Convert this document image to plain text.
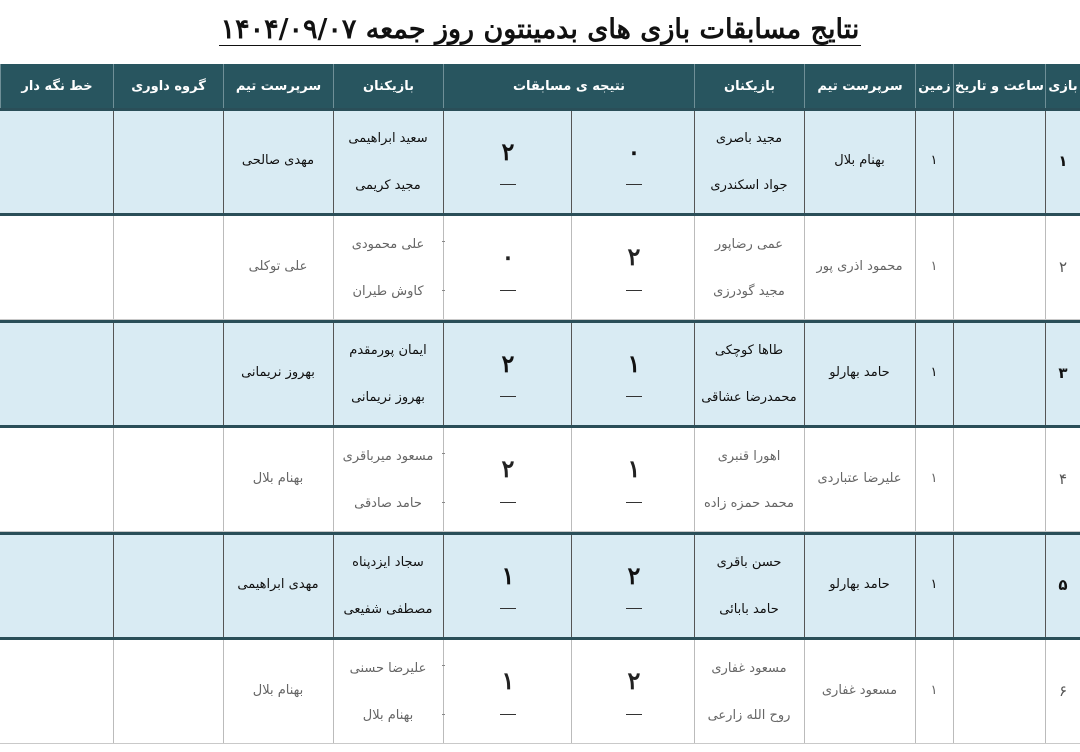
نتایج مسابقات بازی های بدمینتون روز جمعه ۱۴۰۴/۰۹/۰۷
بازی
ساعت و تاریخ
زمین
سرپرست تیم
بازیکنان
نتیجه ی مسابقات
بازیکنان
سرپرست تیم
گروه داوری
خط نگه دار
۱
۱
بهنام بلال
مجید باصری
جواد اسکندری
۰
۲
سعید ابراهیمی
مجید کریمی
مهدی صالحی
۲
۱
محمود اذری پور
عمی رضاپور
مجید گودرزی
۲
۰
علی محمودی
کاوش طیران
علی توکلی
۳
۱
حامد بهارلو
طاها کوچکی
محمدرضا عشاقی
۱
۲
ایمان پورمقدم
بهروز نریمانی
بهروز نریمانی
۴
۱
علیرضا عتباردی
اهورا قنبری
محمد حمزه زاده
۱
۲
مسعود میرباقری
حامد صادقی
بهنام بلال
۵
۱
حامد بهارلو
حسن باقری
حامد بابائی
۲
۱
سجاد ایزدپناه
مصطفی شفیعی
مهدی ابراهیمی
۶
۱
مسعود غفاری
مسعود غفاری
روح الله زارعی
۲
۱
علیرضا حسنی
بهنام بلال
بهنام بلال
